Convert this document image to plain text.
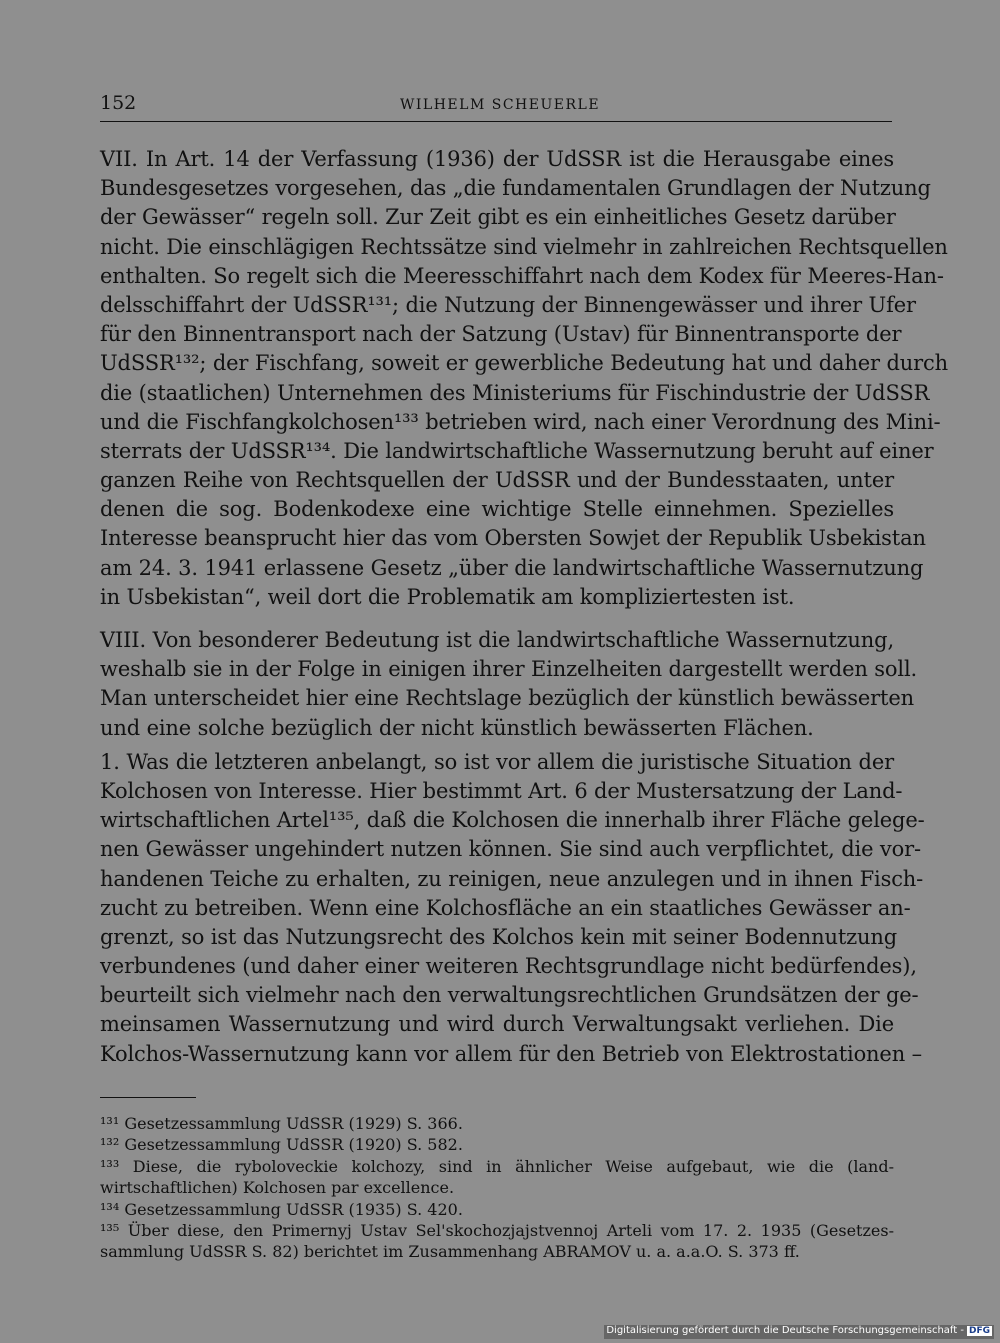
152	WILHELM SCHEUERLE
VII. In Art. 14 der Verfassung (1936) der UdSSR ist die Herausgabe eines
Bundesgesetzes vorgesehen, das „die fundamentalen Grundlagen der Nutzung
der Gewässer“ regeln soll. Zur Zeit gibt es ein einheitliches Gesetz darüber
nicht. Die einschlägigen Rechtssätze sind vielmehr in zahlreichen Rechtsquellen
enthalten. So regelt sich die Meeresschiffahrt nach dem Kodex für Meeres-Han-
delsschiffahrt der UdSSR¹³¹; die Nutzung der Binnengewässer und ihrer Ufer
für den Binnentransport nach der Satzung (Ustav) für Binnentransporte der
UdSSR¹³²; der Fischfang, soweit er gewerbliche Bedeutung hat und daher durch
die (staatlichen) Unternehmen des Ministeriums für Fischindustrie der UdSSR
und die Fischfangkolchosen¹³³ betrieben wird, nach einer Verordnung des Mini-
sterrats der UdSSR¹³⁴. Die landwirtschaftliche Wassernutzung beruht auf einer
ganzen Reihe von Rechtsquellen der UdSSR und der Bundesstaaten, unter
denen die sog. Bodenkodexe eine wichtige Stelle einnehmen. Spezielles
Interesse beansprucht hier das vom Obersten Sowjet der Republik Usbekistan
am 24. 3. 1941 erlassene Gesetz „über die landwirtschaftliche Wassernutzung
in Usbekistan“, weil dort die Problematik am kompliziertesten ist.
VIII. Von besonderer Bedeutung ist die landwirtschaftliche Wassernutzung,
weshalb sie in der Folge in einigen ihrer Einzelheiten dargestellt werden soll.
Man unterscheidet hier eine Rechtslage bezüglich der künstlich bewässerten
und eine solche bezüglich der nicht künstlich bewässerten Flächen.
1. Was die letzteren anbelangt, so ist vor allem die juristische Situation der
Kolchosen von Interesse. Hier bestimmt Art. 6 der Mustersatzung der Land-
wirtschaftlichen Artel¹³⁵, daß die Kolchosen die innerhalb ihrer Fläche gelege-
nen Gewässer ungehindert nutzen können. Sie sind auch verpflichtet, die vor-
handenen Teiche zu erhalten, zu reinigen, neue anzulegen und in ihnen Fisch-
zucht zu betreiben. Wenn eine Kolchosfläche an ein staatliches Gewässer an-
grenzt, so ist das Nutzungsrecht des Kolchos kein mit seiner Bodennutzung
verbundenes (und daher einer weiteren Rechtsgrundlage nicht bedürfendes),
beurteilt sich vielmehr nach den verwaltungsrechtlichen Grundsätzen der ge-
meinsamen Wassernutzung und wird durch Verwaltungsakt verliehen. Die
Kolchos-Wassernutzung kann vor allem für den Betrieb von Elektrostationen –
¹³¹ Gesetzessammlung UdSSR (1929) S. 366.
¹³² Gesetzessammlung UdSSR (1920) S. 582.
¹³³ Diese, die ryboloveckie kolchozy, sind in ähnlicher Weise aufgebaut, wie die (land-
wirtschaftlichen) Kolchosen par excellence.
¹³⁴ Gesetzessammlung UdSSR (1935) S. 420.
¹³⁵ Über diese, den Primernyj Ustav Sel'skochozjajstvennoj Arteli vom 17. 2. 1935 (Gesetzes-
sammlung UdSSR S. 82) berichtet im Zusammenhang ABRAMOV u. a. a.a.O. S. 373 ff.
Digitalisierung gefördert durch die Deutsche Forschungsgemeinschaft - DFG
